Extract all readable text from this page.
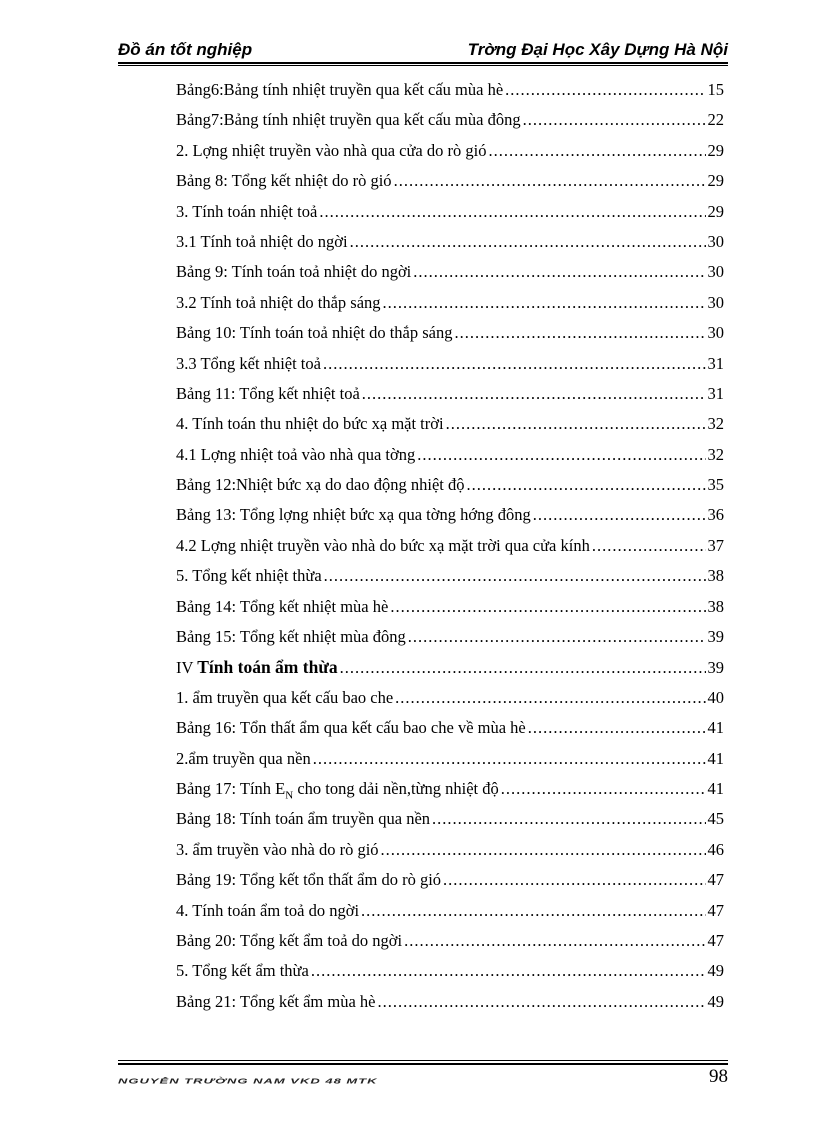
Đồ án tốt nghiệp	Trờng Đại Học Xây Dựng Hà Nội
Bảng6:Bảng tính nhiệt truyền qua kết cấu mùa hè .....	15
Bảng7:Bảng tính nhiệt truyền qua kết cấu mùa đông .....	22
2. Lợng nhiệt truyền vào nhà qua cửa do rò gió .....	29
Bảng 8: Tổng kết nhiệt do rò gió .....	29
3. Tính toán nhiệt toả .....	29
3.1 Tính toả nhiệt do ngời .....	30
Bảng 9: Tính toán toả nhiệt do ngời .....	30
3.2 Tính toả nhiệt do thắp sáng .....	30
Bảng 10: Tính toán toả nhiệt do thắp sáng .....	30
3.3 Tổng kết nhiệt toả .....	31
Bảng 11: Tổng kết nhiệt toả .....	31
4. Tính toán thu nhiệt do bức xạ mặt trời .....	32
4.1 Lợng nhiệt toả vào nhà qua tờng .....	32
Bảng 12:Nhiệt bức xạ do dao động nhiệt độ .....	35
Bảng 13: Tổng lợng nhiệt bức xạ qua tờng hớng đông .....	36
4.2 Lợng nhiệt truyền vào nhà do bức xạ mặt trời qua cửa kính .....	37
5. Tổng kết nhiệt thừa .....	38
Bảng 14: Tổng kết nhiệt mùa hè .....	38
Bảng 15: Tổng kết nhiệt mùa đông .....	39
IV Tính toán ẩm thừa .....	39
1. ẩm truyền qua kết cấu bao che .....	40
Bảng 16: Tổn thất ẩm qua kết cấu bao che về mùa hè .....	41
2.ẩm truyền qua nền .....	41
Bảng 17: Tính $E_N$ cho tong dải nền,từng nhiệt độ .....	41
Bảng 18: Tính toán ẩm truyền qua nền .....	45
3. ẩm truyền vào nhà do rò gió .....	46
Bảng 19: Tổng kết tổn thất ẩm do rò gió .....	47
4. Tính toán ẩm toả do ngời .....	47
Bảng 20: Tổng kết ẩm toả do ngời .....	47
5. Tổng kết ẩm thừa .....	49
Bảng 21: Tổng kết ẩm mùa hè .....	49
NGUYỄN TRƯỜNG NAM VKD 48 MTK	98
